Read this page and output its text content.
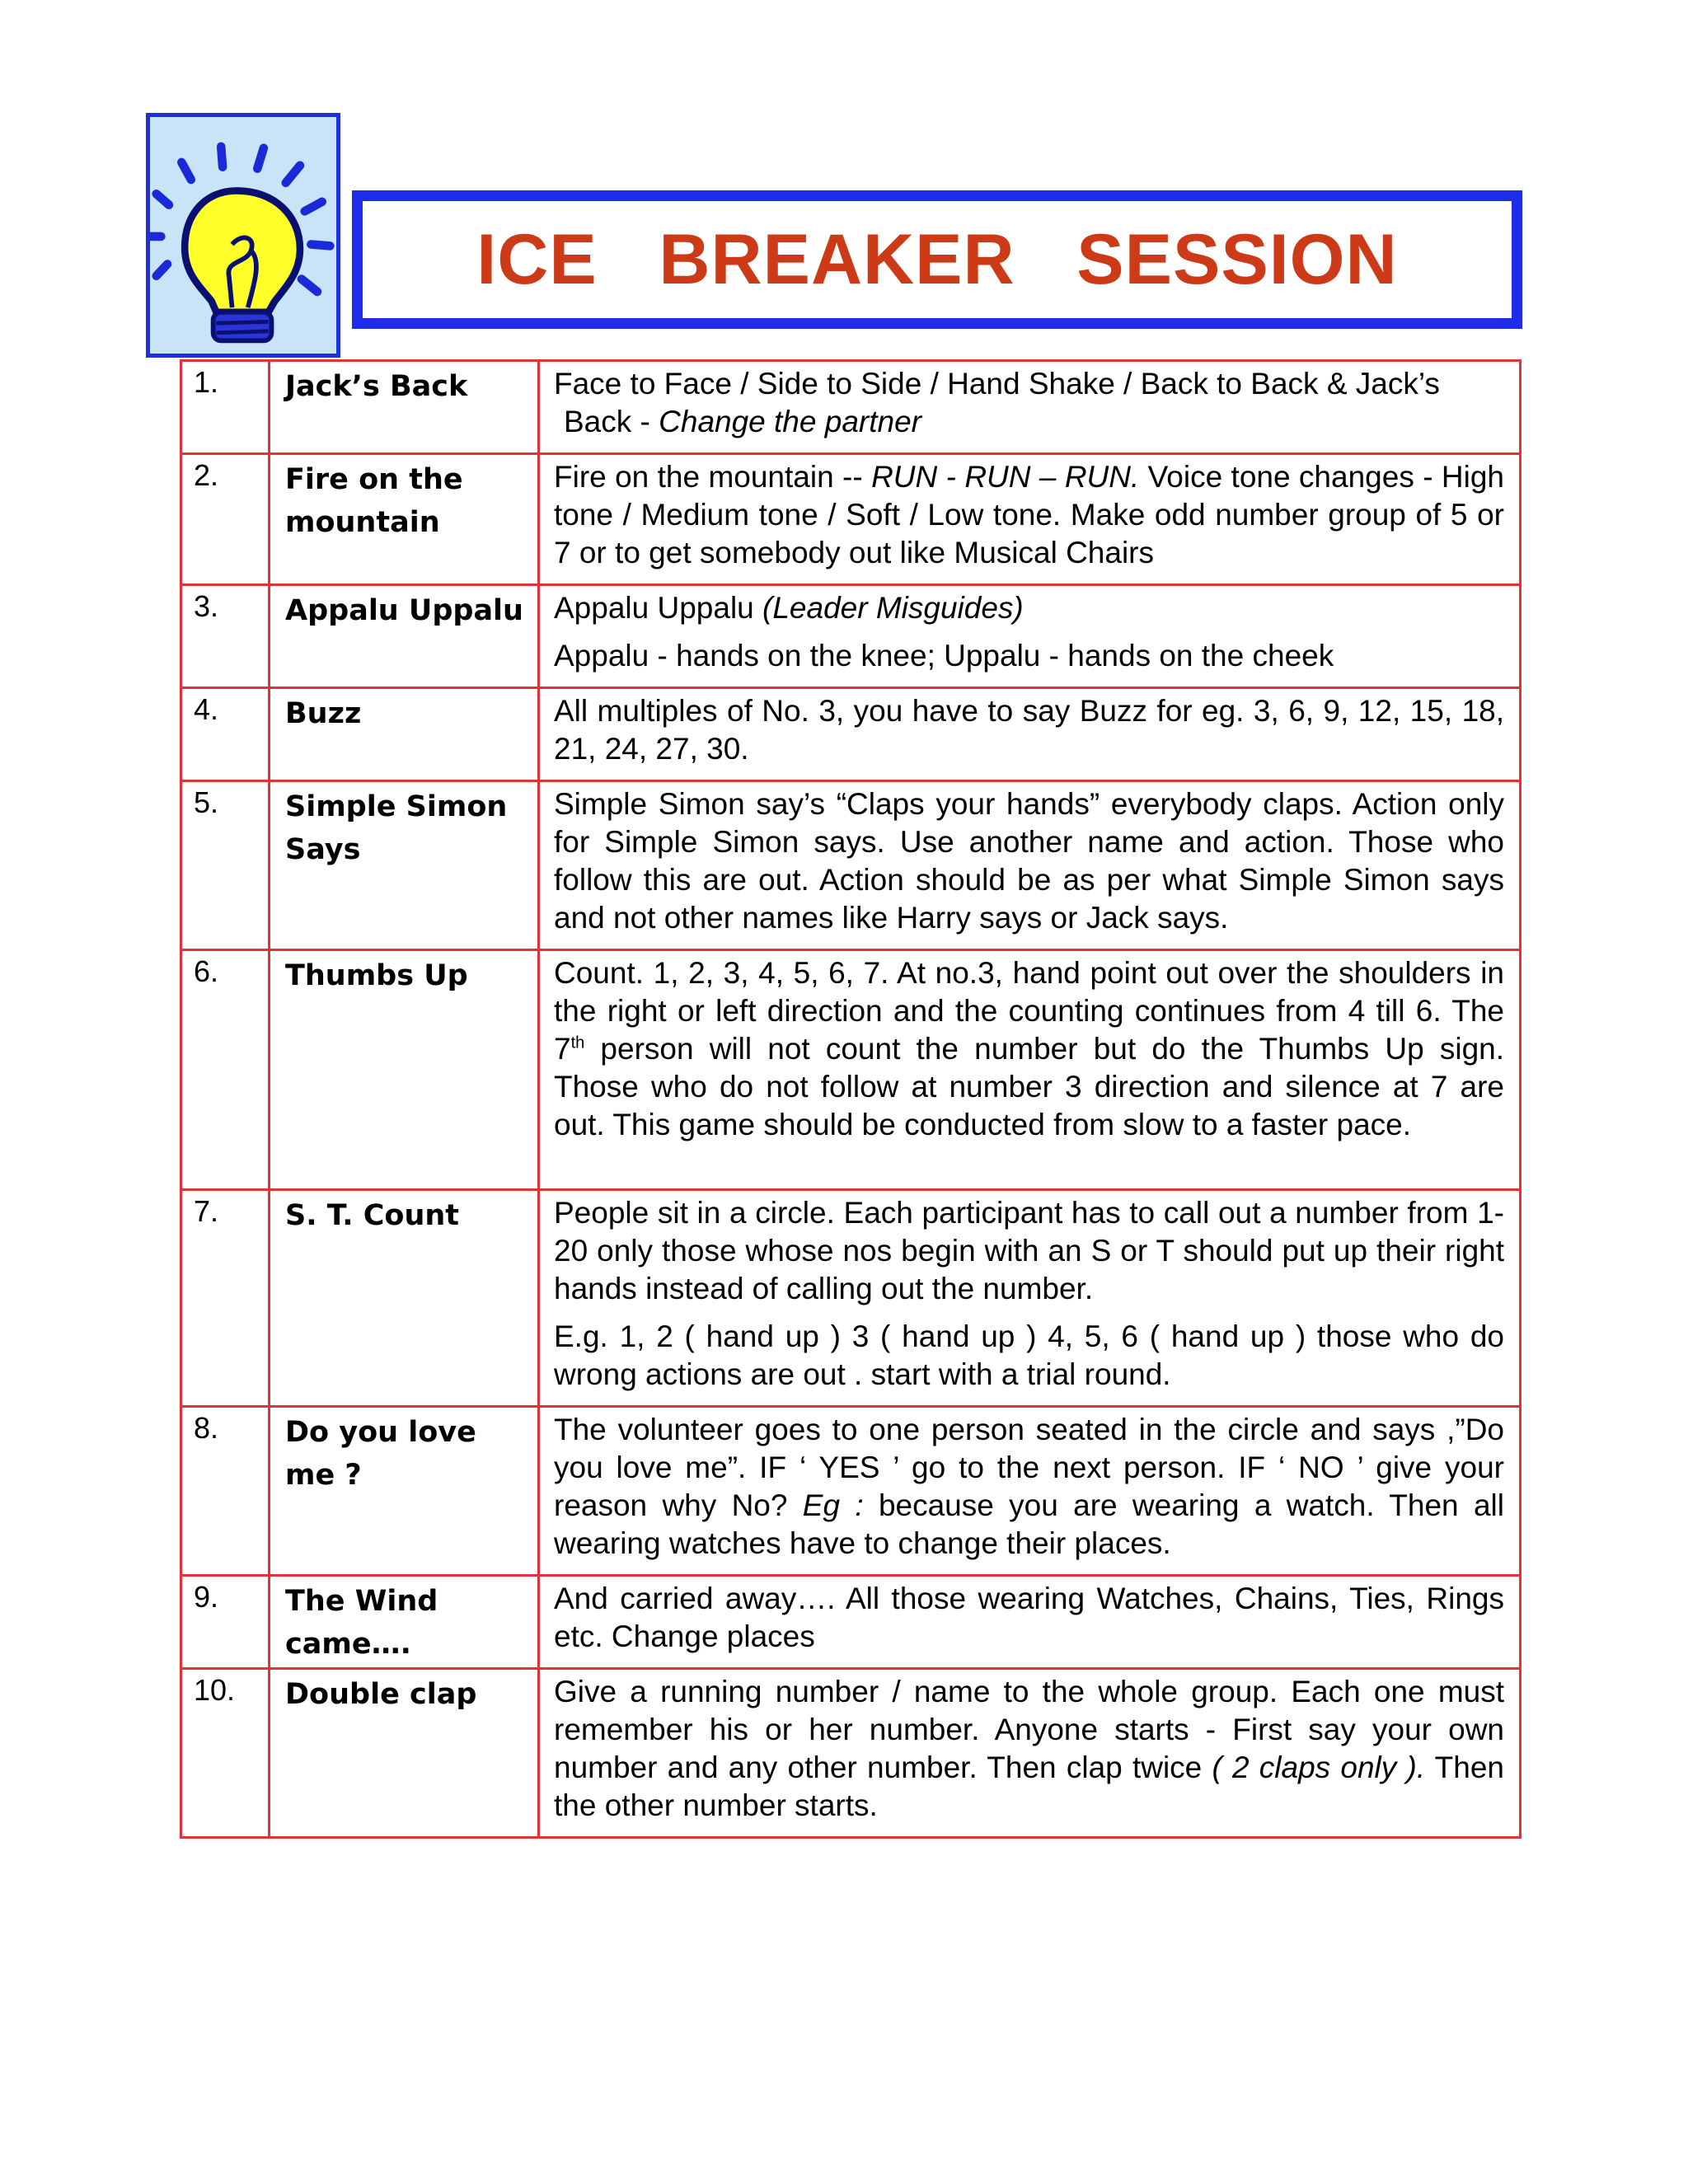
ICE   BREAKER   SESSION
1.	Jack’s Back	Face to Face / Side to Side / Hand Shake / Back to Back & Jack’s
Back - Change the partner

2.	Fire on the mountain	Fire on the mountain -- RUN - RUN – RUN. Voice tone changes - High tone / Medium tone / Soft / Low tone. Make odd number group of 5 or 7 or to get somebody out like Musical Chairs

3.	Appalu Uppalu	Appalu Uppalu (Leader Misguides)

Appalu - hands on the knee; Uppalu - hands on the cheek

4.	Buzz	All multiples of No. 3, you have to say Buzz for eg. 3, 6, 9, 12, 15, 18, 21, 24, 27, 30.

5.	Simple Simon Says	Simple Simon say’s “Claps your hands” everybody claps. Action only for Simple Simon says. Use another name and action. Those who follow this are out. Action should be as per what Simple Simon says and not other names like Harry says or Jack says.

6.	Thumbs Up	Count. 1, 2, 3, 4, 5, 6, 7. At no.3, hand point out over the shoulders in the right or left direction and the counting continues from 4 till 6. The 7th person will not count the number but do the Thumbs Up sign. Those who do not follow at number 3 direction and silence at 7 are out. This game should be conducted from slow to a faster pace.

7.	S. T. Count	People sit in a circle. Each participant has to call out a number from 1-20 only those whose nos begin with an S or T should put up their right hands instead of calling out the number.

E.g. 1, 2 ( hand up ) 3 ( hand up ) 4, 5, 6 ( hand up ) those who do wrong actions are out . start with a trial round.

8.	Do you love me ?	The volunteer goes to one person seated in the circle and says ,”Do you love me”. IF ‘ YES ’ go to the next person. IF ‘ NO ’ give your reason why No? Eg : because you are wearing a watch. Then all wearing watches have to change their places.

9.	The Wind came….	And carried away…. All those wearing Watches, Chains, Ties, Rings etc. Change places

10.	Double clap	Give a running number / name to the whole group. Each one must remember his or her number. Anyone starts - First say your own number and any other number. Then clap twice ( 2 claps only ). Then the other number starts.
